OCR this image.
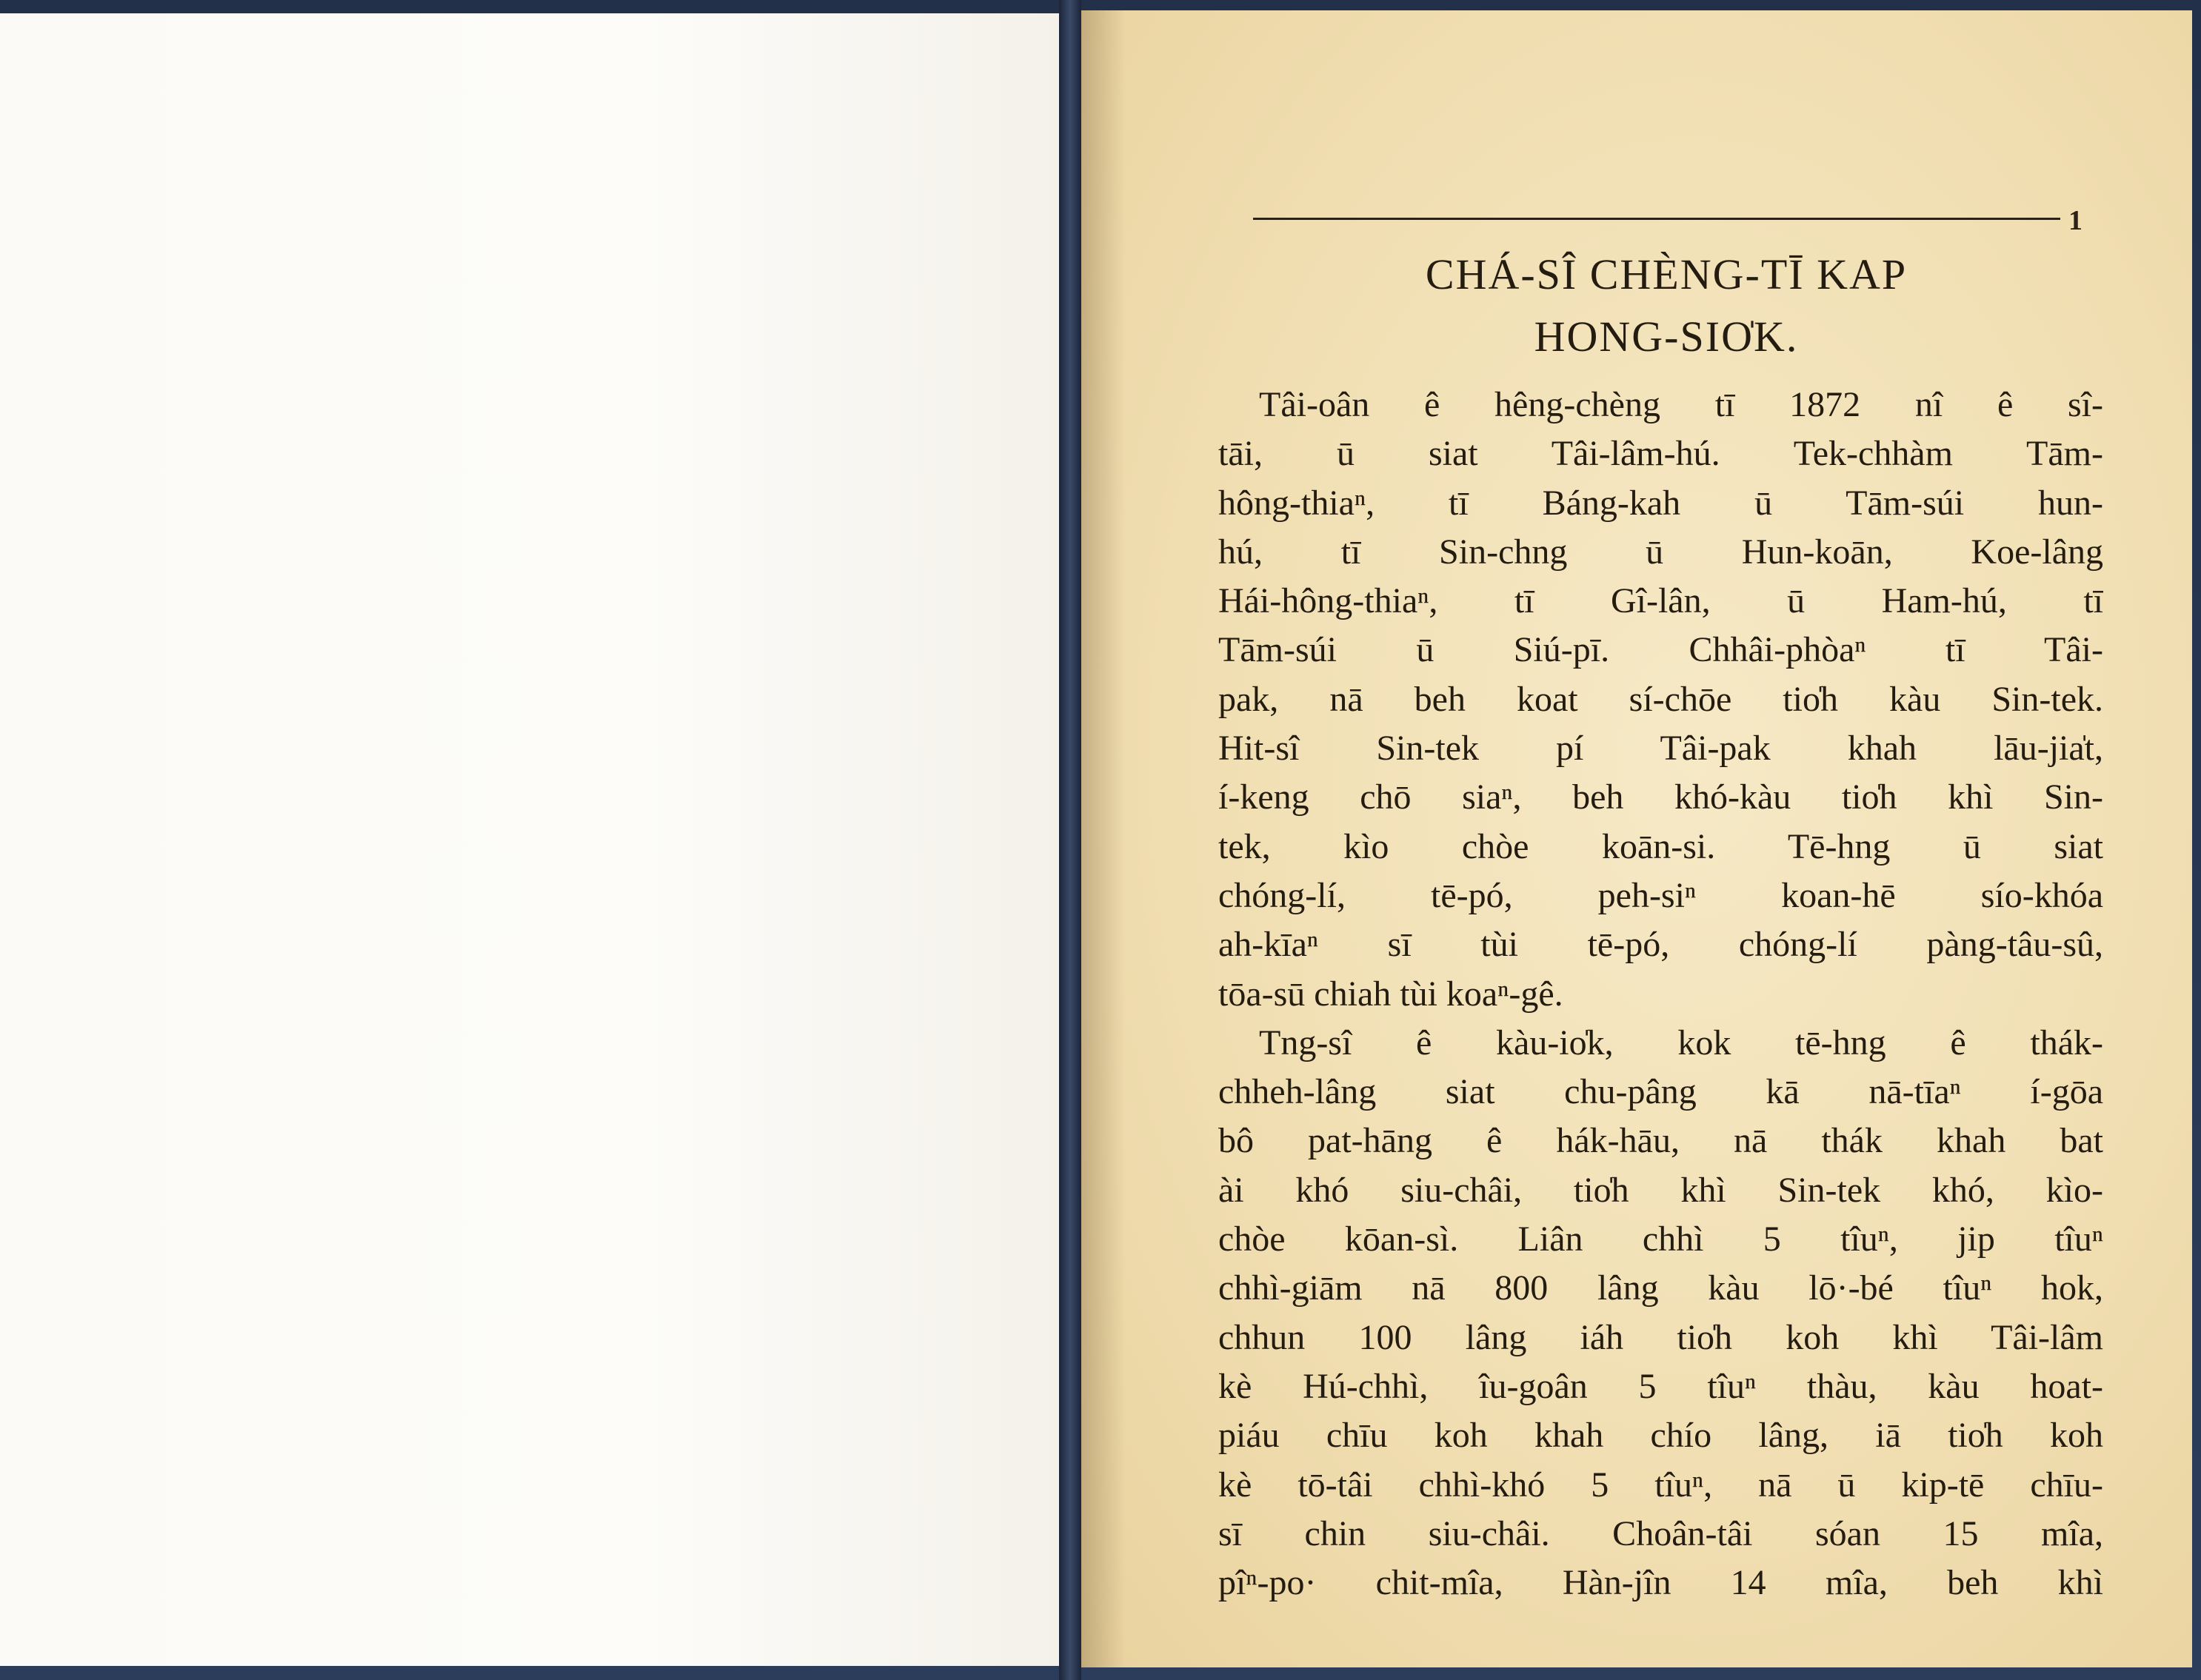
1
CHÁ-SÎ CHÈNG-TĪ KAP
HONG-SIO̍K.
Tâi-oân ê hêng-chèng tī 1872 nî ê sî-
tāi, ū siat Tâi-lâm-hú. Tek-chhàm Tām-
hông-thiaⁿ, tī Báng-kah ū Tām-súi hun-
hú, tī Sin-chng ū Hun-koān, Koe-lâng
Hái-hông-thiaⁿ, tī Gî-lân, ū Ham-hú, tī
Tām-súi ū Siú-pī. Chhâi-phòaⁿ tī Tâi-
pak, nā beh koat sí-chōe tio̍h kàu Sin-tek.
Hit-sî Sin-tek pí Tâi-pak khah lāu-jia̍t,
í-keng chō siaⁿ, beh khó-kàu tio̍h khì Sin-
tek, kìo chòe koān-si. Tē-hng ū siat
chóng-lí, tē-pó, peh-siⁿ koan-hē sío-khóa
ah-kīaⁿ sī tùi tē-pó, chóng-lí pàng-tâu-sû,
tōa-sū chiah tùi koaⁿ-gê.
Tng-sî ê kàu-io̍k, kok tē-hng ê thák-
chheh-lâng siat chu-pâng kā nā-tīaⁿ í-gōa
bô pat-hāng ê hák-hāu, nā thák khah bat
ài khó siu-châi, tio̍h khì Sin-tek khó, kìo-
chòe kōan-sì. Liân chhì 5 tîuⁿ, jip tîuⁿ
chhì-giām nā 800 lâng kàu lō·-bé tîuⁿ hok,
chhun 100 lâng iáh tio̍h koh khì Tâi-lâm
kè Hú-chhì, îu-goân 5 tîuⁿ thàu, kàu hoat-
piáu chīu koh khah chío lâng, iā tio̍h koh
kè tō-tâi chhì-khó 5 tîuⁿ, nā ū kip-tē chīu-
sī chin siu-châi. Choân-tâi sóan 15 mîa,
pîⁿ-po· chit-mîa, Hàn-jîn 14 mîa, beh khì
